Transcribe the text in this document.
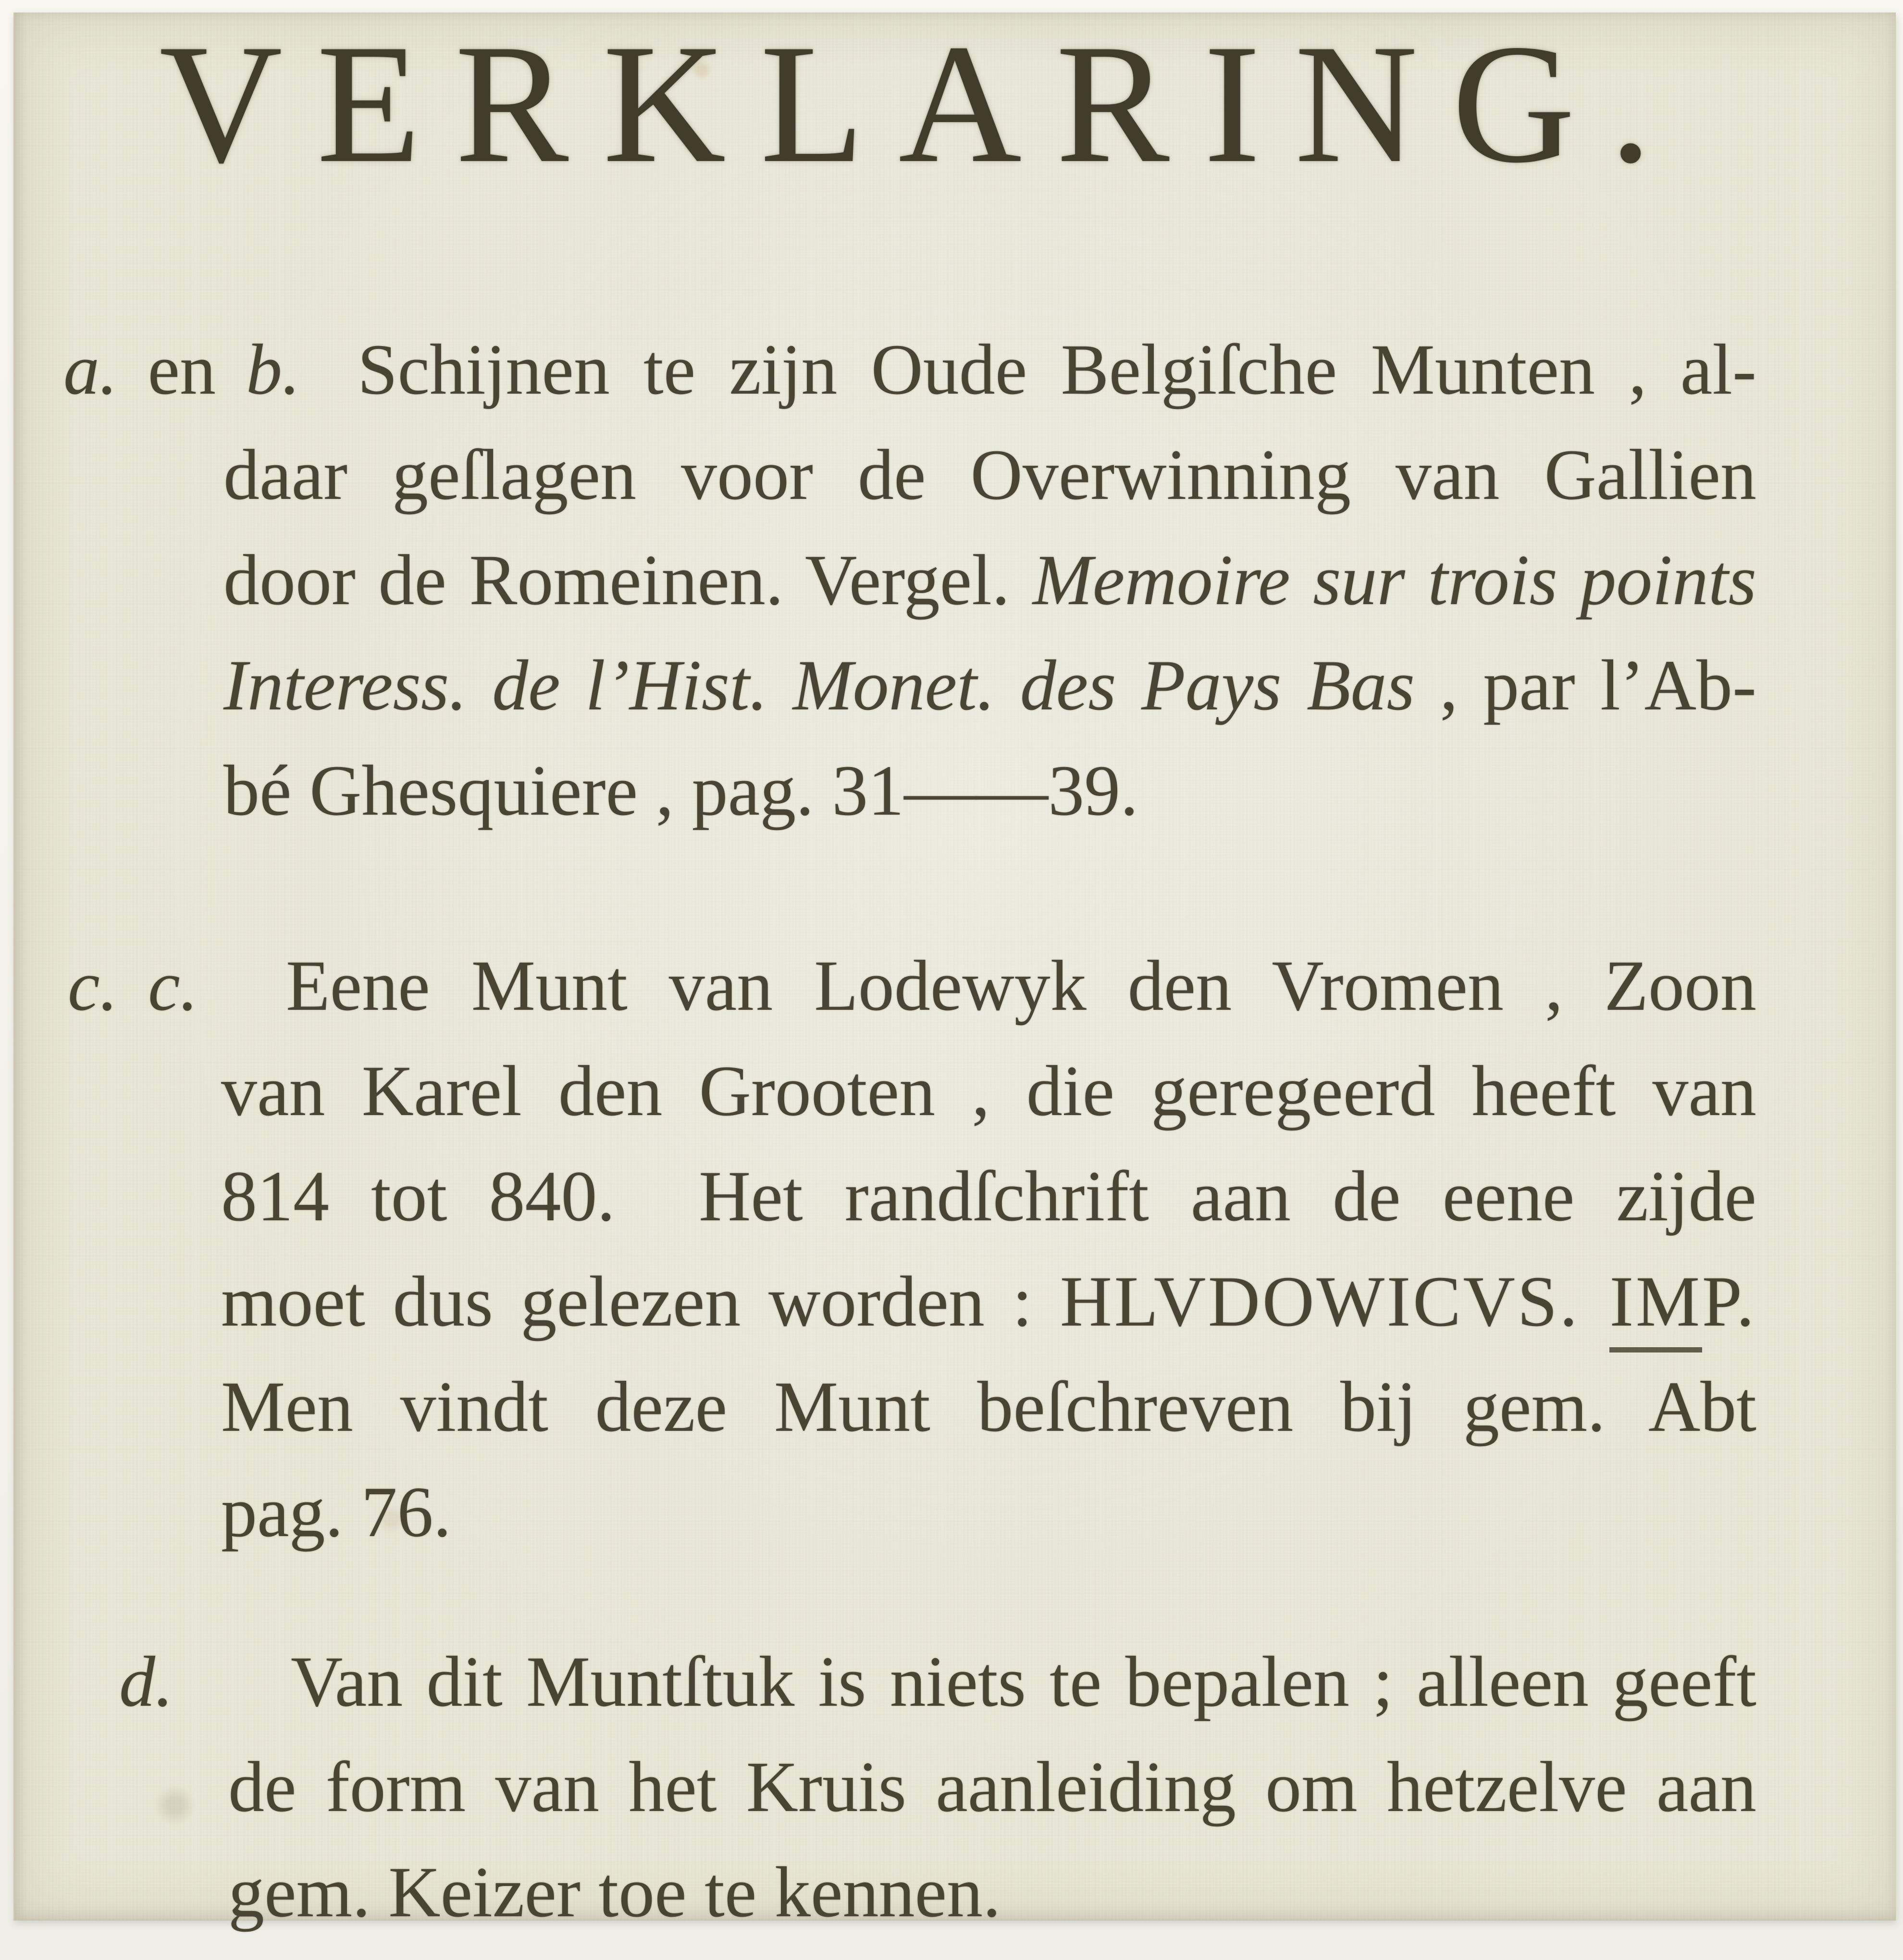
VERKLARING.
a. en b. Schijnen te zijn Oude Belgiſche Munten , al-
daar geſlagen voor de Overwinning van Gallien
door de Romeinen. Vergel. Memoire sur trois points
Interess. de l’Hist. Monet. des Pays Bas , par l’Ab-
bé Ghesquiere , pag. 31——39.
c. c.	Eene Munt van Lodewyk den Vromen , Zoon
van Karel den Grooten , die geregeerd heeft van
814 tot 840.  Het randſchrift aan de eene zijde
moet dus gelezen worden : HLVDOWICVS. IMP.
Men vindt deze Munt beſchreven bij gem. Abt
pag. 76.
d.	Van dit Muntſtuk is niets te bepalen ; alleen geeft
de form van het Kruis aanleiding om hetzelve aan
gem. Keizer toe te kennen.
